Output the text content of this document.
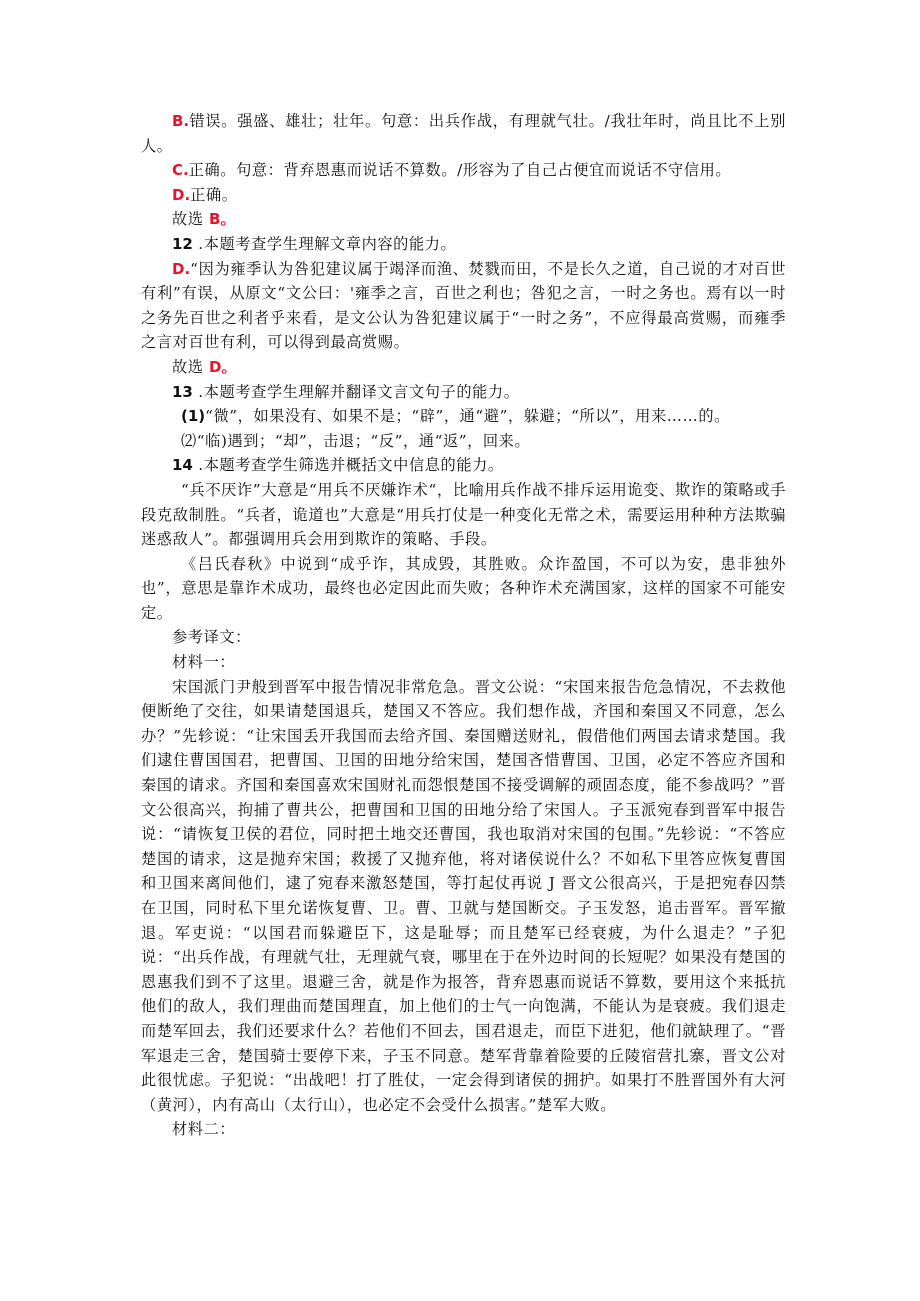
B.错误。强盛、雄壮；壮年。句意：出兵作战，有理就气壮。/我壮年时，尚且比不上别人。

C.正确。句意：背弃恩惠而说话不算数。/形容为了自己占便宜而说话不守信用。

D.正确。

故选 B。

12 .本题考查学生理解文章内容的能力。

D.“因为雍季认为咎犯建议属于竭泽而渔、焚戮而田，不是长久之道，自己说的才对百世有利”有误，从原文“文公曰：'雍季之言，百世之利也；咎犯之言，一时之务也。焉有以一时之务先百世之利者乎来看，是文公认为咎犯建议属于“一时之务”，不应得最高赏赐，而雍季之言对百世有利，可以得到最高赏赐。

故选 D。

13 .本题考查学生理解并翻译文言文句子的能力。

(1)“微”，如果没有、如果不是；“辟”，通“避”，躲避；“所以”，用来……的。

⑵“临)遇到；“却”，击退；“反”，通“返”，回来。

14 .本题考查学生筛选并概括文中信息的能力。

“兵不厌诈”大意是“用兵不厌嫌诈术“，比喻用兵作战不排斥运用诡变、欺诈的策略或手段克敌制胜。“兵者，诡道也”大意是“用兵打仗是一种变化无常之术，需要运用种种方法欺骗迷惑敌人”。都强调用兵会用到欺诈的策略、手段。

《吕氏春秋》中说到“成乎诈，其成毁，其胜败。众诈盈国，不可以为安，患非独外也”，意思是靠诈术成功，最终也必定因此而失败；各种诈术充满国家，这样的国家不可能安定。

参考译文：

材料一：

宋国派门尹般到晋军中报告情况非常危急。晋文公说：“宋国来报告危急情况，不去救他便断绝了交往，如果请楚国退兵，楚国又不答应。我们想作战，齐国和秦国又不同意，怎么办？”先轸说：“让宋国丢开我国而去给齐国、秦国赠送财礼，假借他们两国去请求楚国。我们逮住曹国国君，把曹国、卫国的田地分给宋国，楚国吝惜曹国、卫国，必定不答应齐国和秦国的请求。齐国和秦国喜欢宋国财礼而怨恨楚国不接受调解的顽固态度，能不参战吗？”晋文公很高兴，拘捕了曹共公，把曹国和卫国的田地分给了宋国人。子玉派宛春到晋军中报告说：“请恢复卫侯的君位，同时把土地交还曹国，我也取消对宋国的包围。”先轸说：“不答应楚国的请求，这是抛弃宋国；救援了又抛弃他，将对诸侯说什么？不如私下里答应恢复曹国和卫国来离间他们，逮了宛春来激怒楚国，等打起仗再说 J 晋文公很高兴，于是把宛春囚禁在卫国，同时私下里允诺恢复曹、卫。曹、卫就与楚国断交。子玉发怒，追击晋军。晋军撤退。军吏说：“以国君而躲避臣下，这是耻辱；而且楚军已经衰疲，为什么退走？”子犯说：“出兵作战，有理就气壮，无理就气衰，哪里在于在外边时间的长短呢？如果没有楚国的恩惠我们到不了这里。退避三舍，就是作为报答，背弃恩惠而说话不算数，要用这个来抵抗他们的敌人，我们理曲而楚国理直，加上他们的士气一向饱满，不能认为是衰疲。我们退走而楚军回去，我们还要求什么？若他们不回去，国君退走，而臣下进犯，他们就缺理了。“晋军退走三舍，楚国骑士要停下来，子玉不同意。楚军背靠着险要的丘陵宿营扎寨，晋文公对此很忧虑。子犯说：“出战吧！打了胜仗，一定会得到诸侯的拥护。如果打不胜晋国外有大河（黄河），内有高山（太行山），也必定不会受什么损害。”楚军大败。

材料二：
